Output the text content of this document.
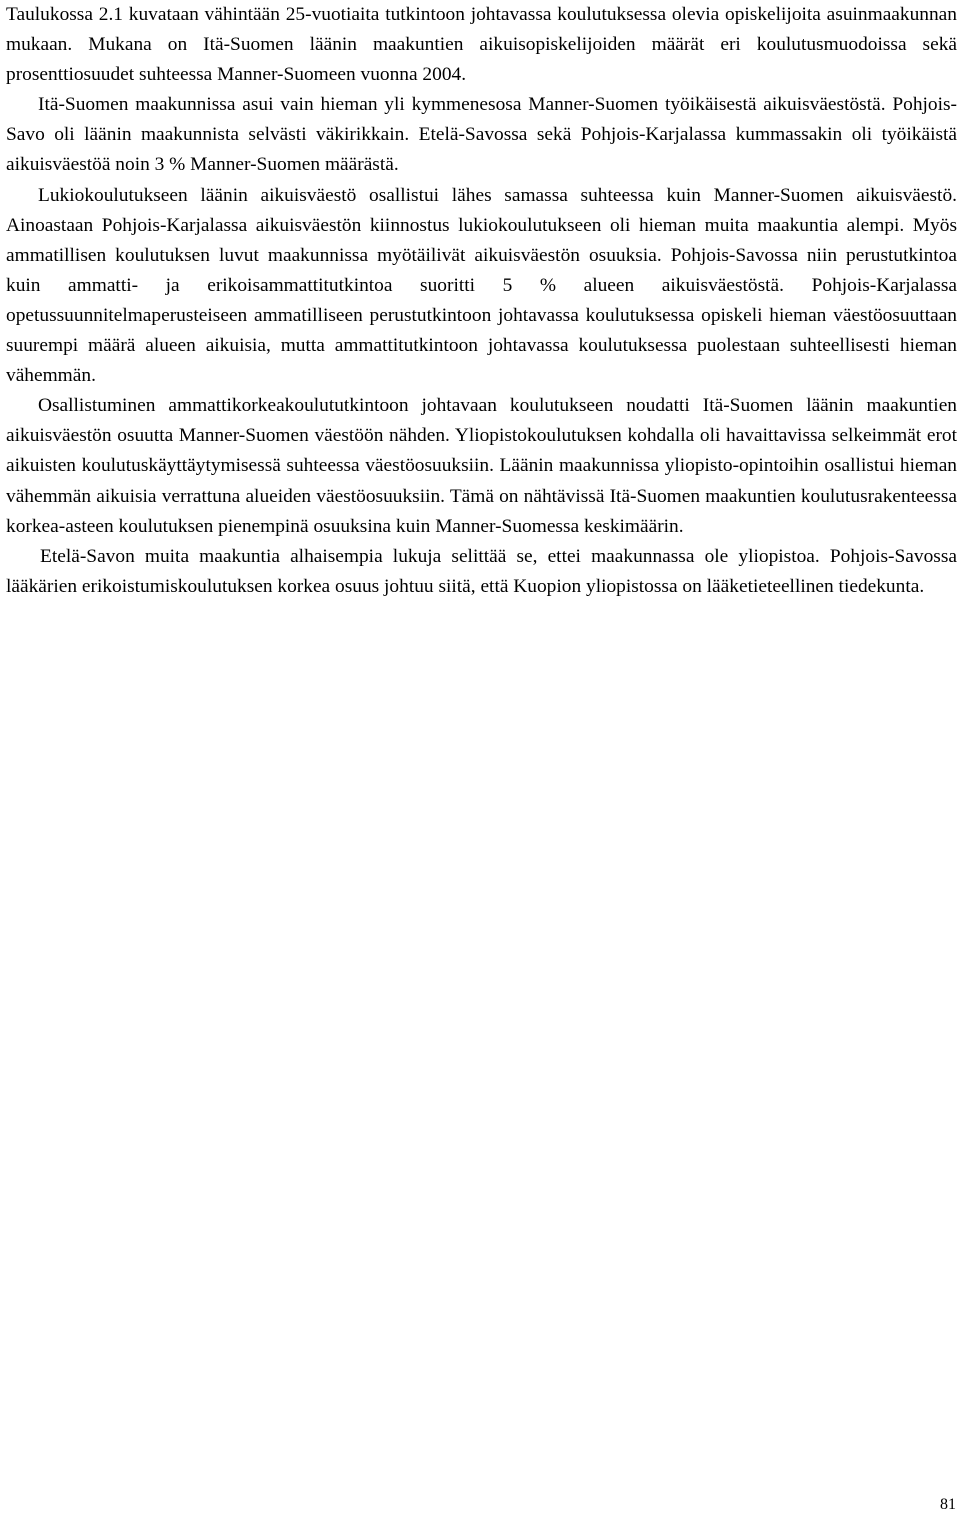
Taulukossa 2.1 kuvataan vähintään 25-vuotiaita tutkintoon johtavassa koulutuksessa olevia opiskelijoita asuinmaakunnan mukaan. Mukana on Itä-Suomen läänin maakuntien aikuisopiskelijoiden määrät eri koulutusmuodoissa sekä prosenttiosuudet suhteessa Manner-Suomeen vuonna 2004.

Itä-Suomen maakunnissa asui vain hieman yli kymmenesosa Manner-Suomen työikäisestä aikuisväestöstä. Pohjois-Savo oli läänin maakunnista selvästi väkirikkain. Etelä-Savossa sekä Pohjois-Karjalassa kummassakin oli työikäistä aikuisväestöä noin 3 % Manner-Suomen määrästä.

Lukiokoulutukseen läänin aikuisväestö osallistui lähes samassa suhteessa kuin Manner-Suomen aikuisväestö. Ainoastaan Pohjois-Karjalassa aikuisväestön kiinnostus lukiokoulutukseen oli hieman muita maakuntia alempi. Myös ammatillisen koulutuksen luvut maakunnissa myötäilivät aikuisväestön osuuksia. Pohjois-Savossa niin perustutkintoa kuin ammatti- ja erikoisammattitutkintoa suoritti 5 % alueen aikuisväestöstä. Pohjois-Karjalassa opetussuunnitelmaperusteiseen ammatilliseen perustutkintoon johtavassa koulutuksessa opiskeli hieman väestöosuuttaan suurempi määrä alueen aikuisia, mutta ammattitutkintoon johtavassa koulutuksessa puolestaan suhteellisesti hieman vähemmän.

Osallistuminen ammattikorkeakoulututkintoon johtavaan koulutukseen noudatti Itä-Suomen läänin maakuntien aikuisväestön osuutta Manner-Suomen väestöön nähden. Yliopistokoulutuksen kohdalla oli havaittavissa selkeimmät erot aikuisten koulutuskäyttäytymisessä suhteessa väestöosuuksiin. Läänin maakunnissa yliopisto-opintoihin osallistui hieman vähemmän aikuisia verrattuna alueiden väestöosuuksiin. Tämä on nähtävissä Itä-Suomen maakuntien koulutusrakenteessa korkea-asteen koulutuksen pienempinä osuuksina kuin Manner-Suomessa keskimäärin.

Etelä-Savon muita maakuntia alhaisempia lukuja selittää se, ettei maakunnassa ole yliopistoa. Pohjois-Savossa lääkärien erikoistumiskoulutuksen korkea osuus johtuu siitä, että Kuopion yliopistossa on lääketieteellinen tiedekunta.

81
